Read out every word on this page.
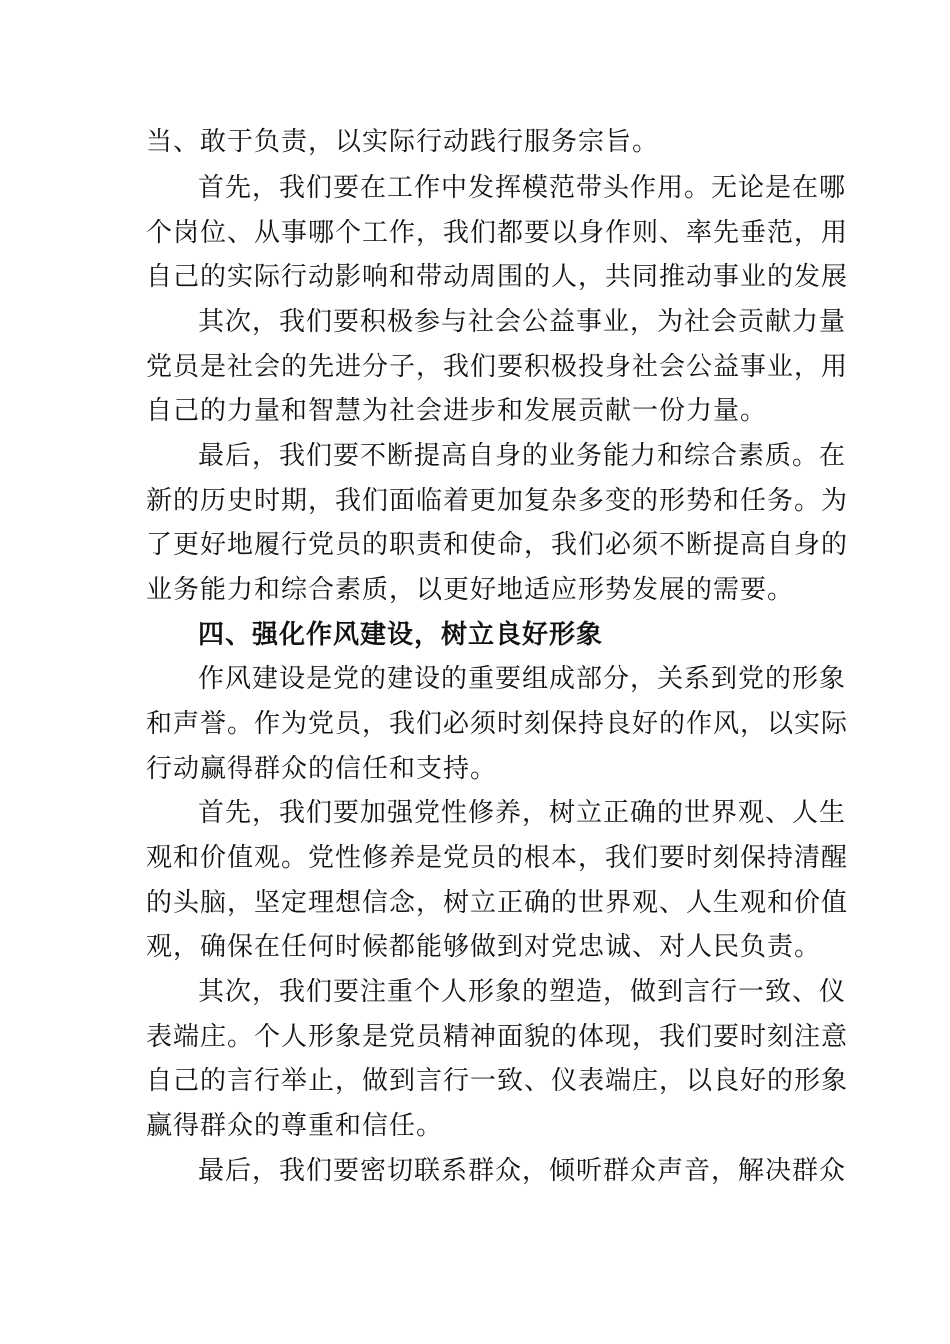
当、敢于负责，以实际行动践行服务宗旨。

首先，我们要在工作中发挥模范带头作用。无论是在哪

个岗位、从事哪个工作，我们都要以身作则、率先垂范，用

自己的实际行动影响和带动周围的人，共同推动事业的发展

其次，我们要积极参与社会公益事业，为社会贡献力量

党员是社会的先进分子，我们要积极投身社会公益事业，用

自己的力量和智慧为社会进步和发展贡献一份力量。

最后，我们要不断提高自身的业务能力和综合素质。在

新的历史时期，我们面临着更加复杂多变的形势和任务。为

了更好地履行党员的职责和使命，我们必须不断提高自身的

业务能力和综合素质，以更好地适应形势发展的需要。

四、强化作风建设，树立良好形象

作风建设是党的建设的重要组成部分，关系到党的形象

和声誉。作为党员，我们必须时刻保持良好的作风，以实际

行动赢得群众的信任和支持。

首先，我们要加强党性修养，树立正确的世界观、人生

观和价值观。党性修养是党员的根本，我们要时刻保持清醒

的头脑，坚定理想信念，树立正确的世界观、人生观和价值

观，确保在任何时候都能够做到对党忠诚、对人民负责。

其次，我们要注重个人形象的塑造，做到言行一致、仪

表端庄。个人形象是党员精神面貌的体现，我们要时刻注意

自己的言行举止，做到言行一致、仪表端庄，以良好的形象

赢得群众的尊重和信任。

最后，我们要密切联系群众，倾听群众声音，解决群众
